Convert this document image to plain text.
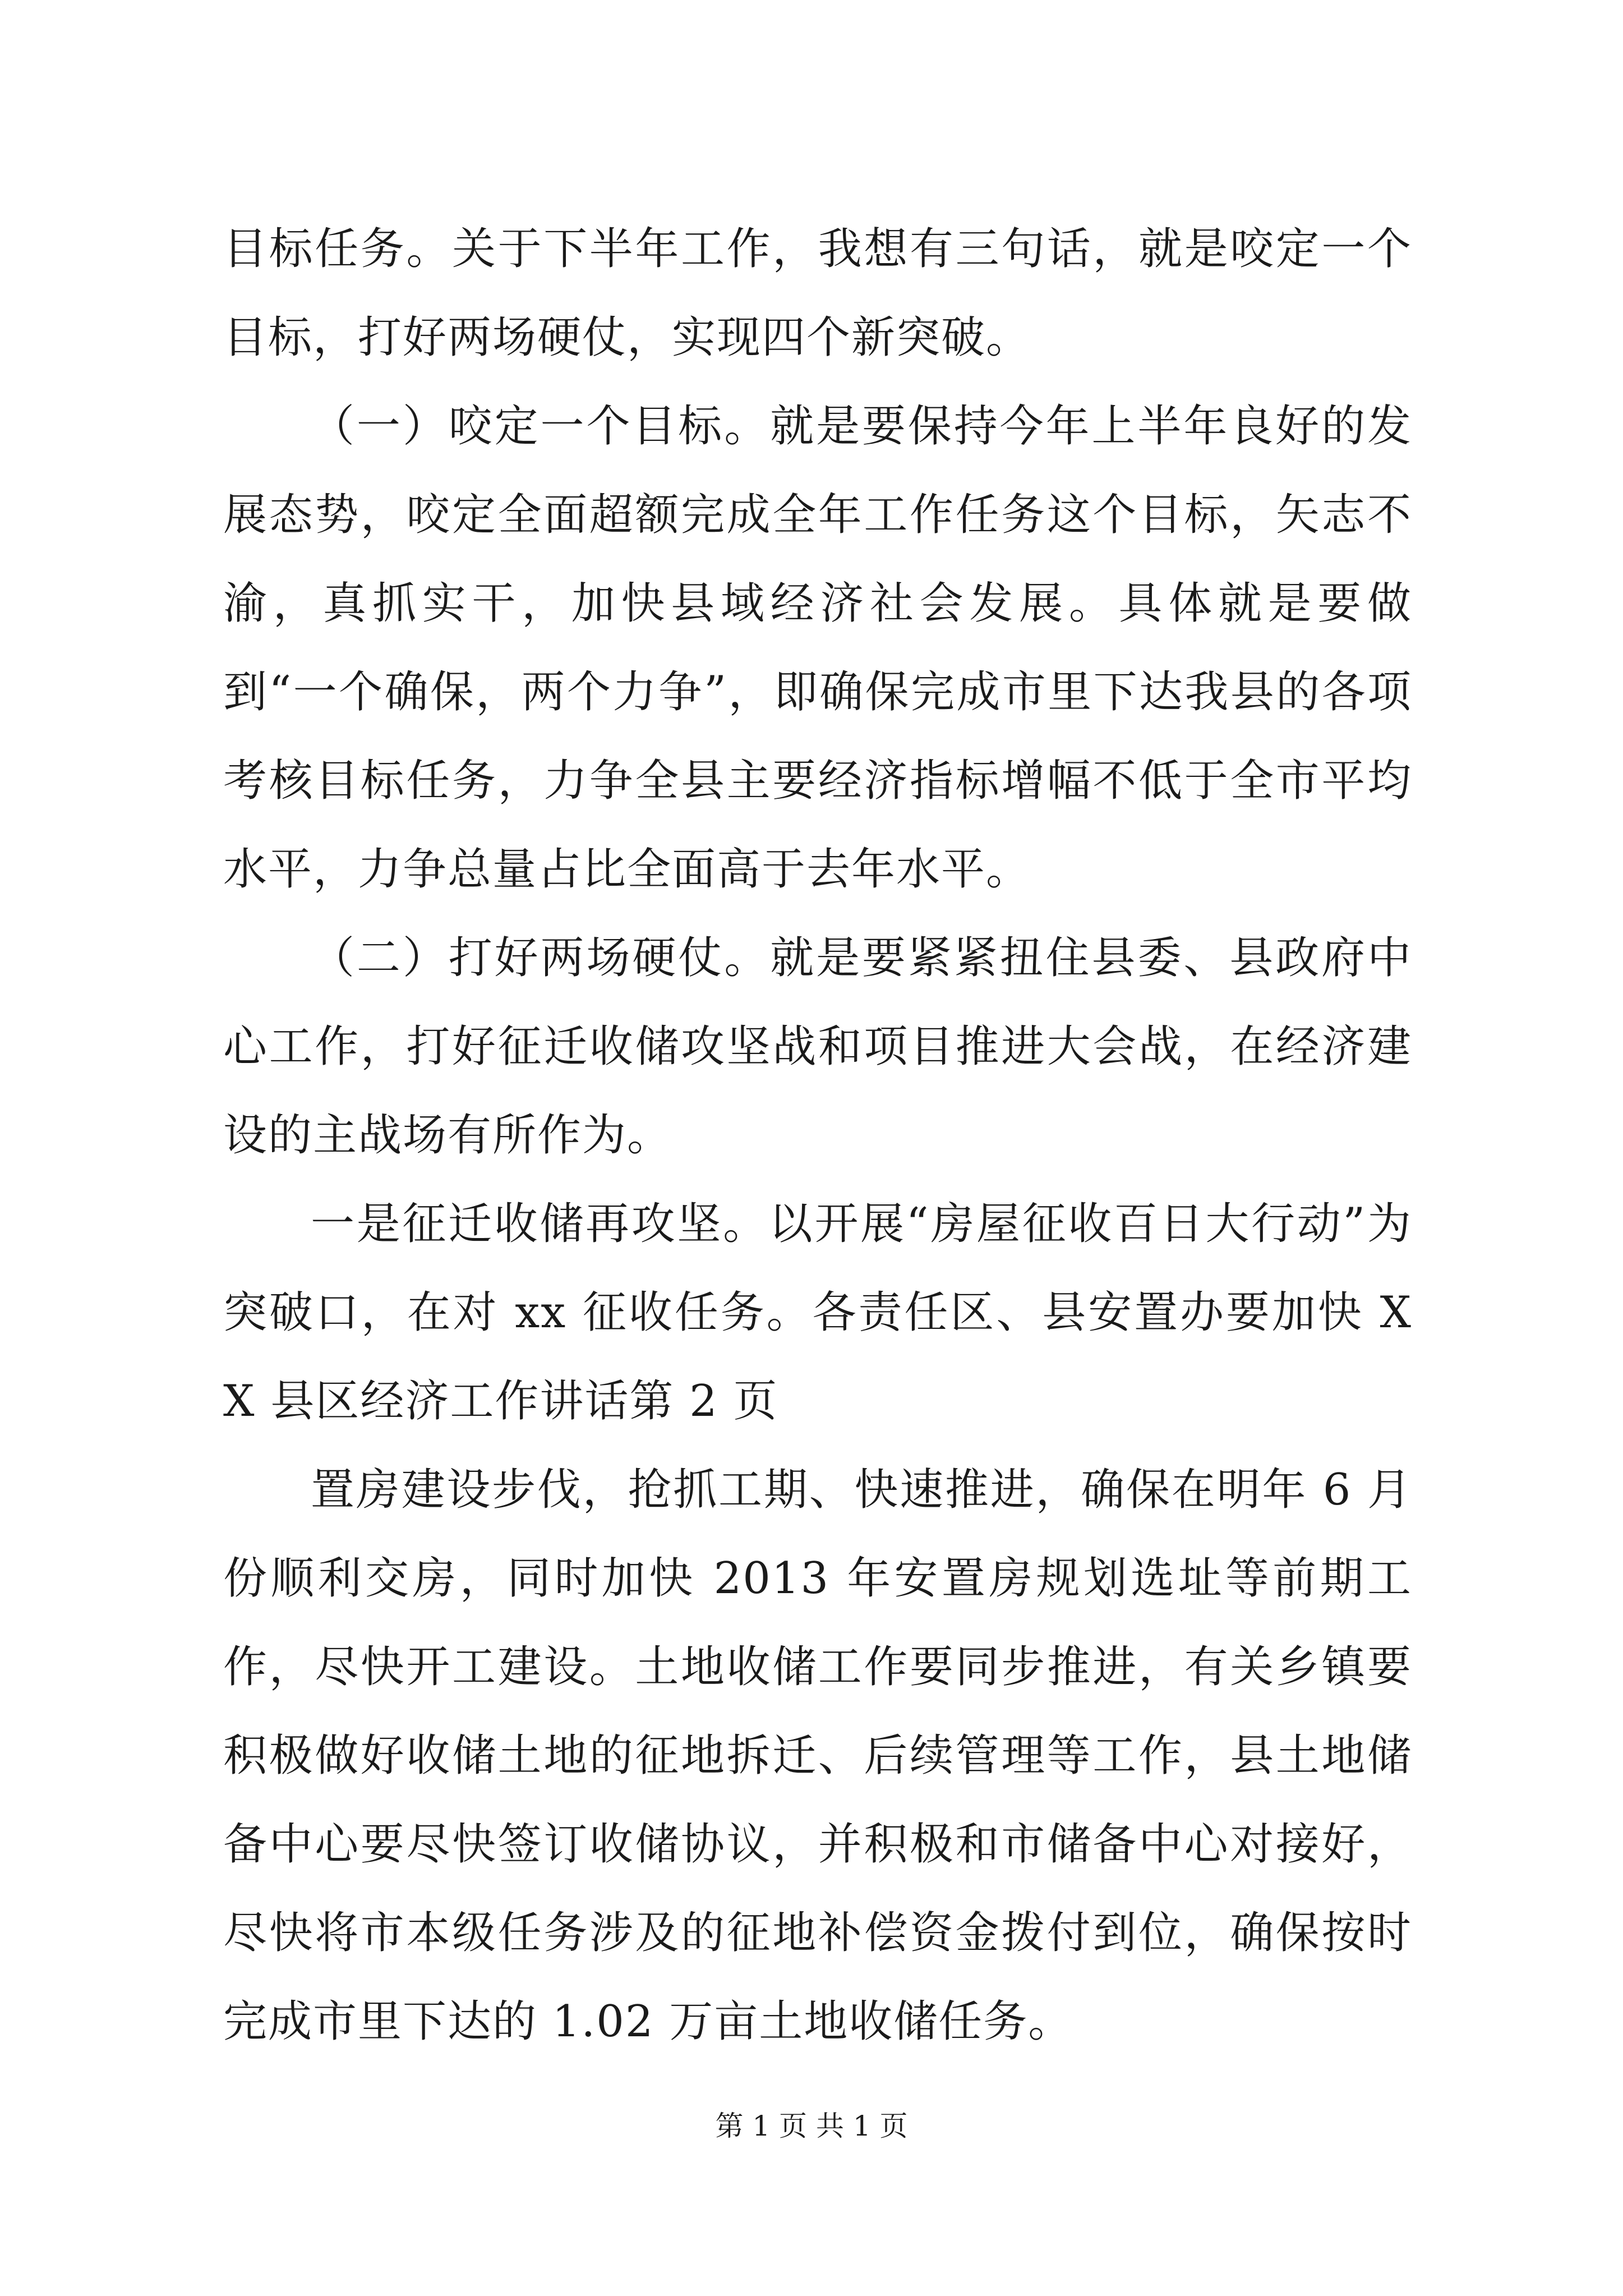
目标任务。关于下半年工作，我想有三句话，就是咬定一个目标，打好两场硬仗，实现四个新突破。

（一）咬定一个目标。就是要保持今年上半年良好的发展态势，咬定全面超额完成全年工作任务这个目标，矢志不渝，真抓实干，加快县域经济社会发展。具体就是要做到“一个确保，两个力争”，即确保完成市里下达我县的各项考核目标任务，力争全县主要经济指标增幅不低于全市平均水平，力争总量占比全面高于去年水平。

（二）打好两场硬仗。就是要紧紧扭住县委、县政府中心工作，打好征迁收储攻坚战和项目推进大会战，在经济建设的主战场有所作为。

一是征迁收储再攻坚。以开展“房屋征收百日大行动”为突破口，在对 xx 征收任务。各责任区、县安置办要加快 XX 县区经济工作讲话第 2 页

置房建设步伐，抢抓工期、快速推进，确保在明年 6 月份顺利交房，同时加快 2013 年安置房规划选址等前期工作，尽快开工建设。土地收储工作要同步推进，有关乡镇要积极做好收储土地的征地拆迁、后续管理等工作，县土地储备中心要尽快签订收储协议，并积极和市储备中心对接好，尽快将市本级任务涉及的征地补偿资金拨付到位，确保按时完成市里下达的 1.02 万亩土地收储任务。

第 1 页 共 1 页
